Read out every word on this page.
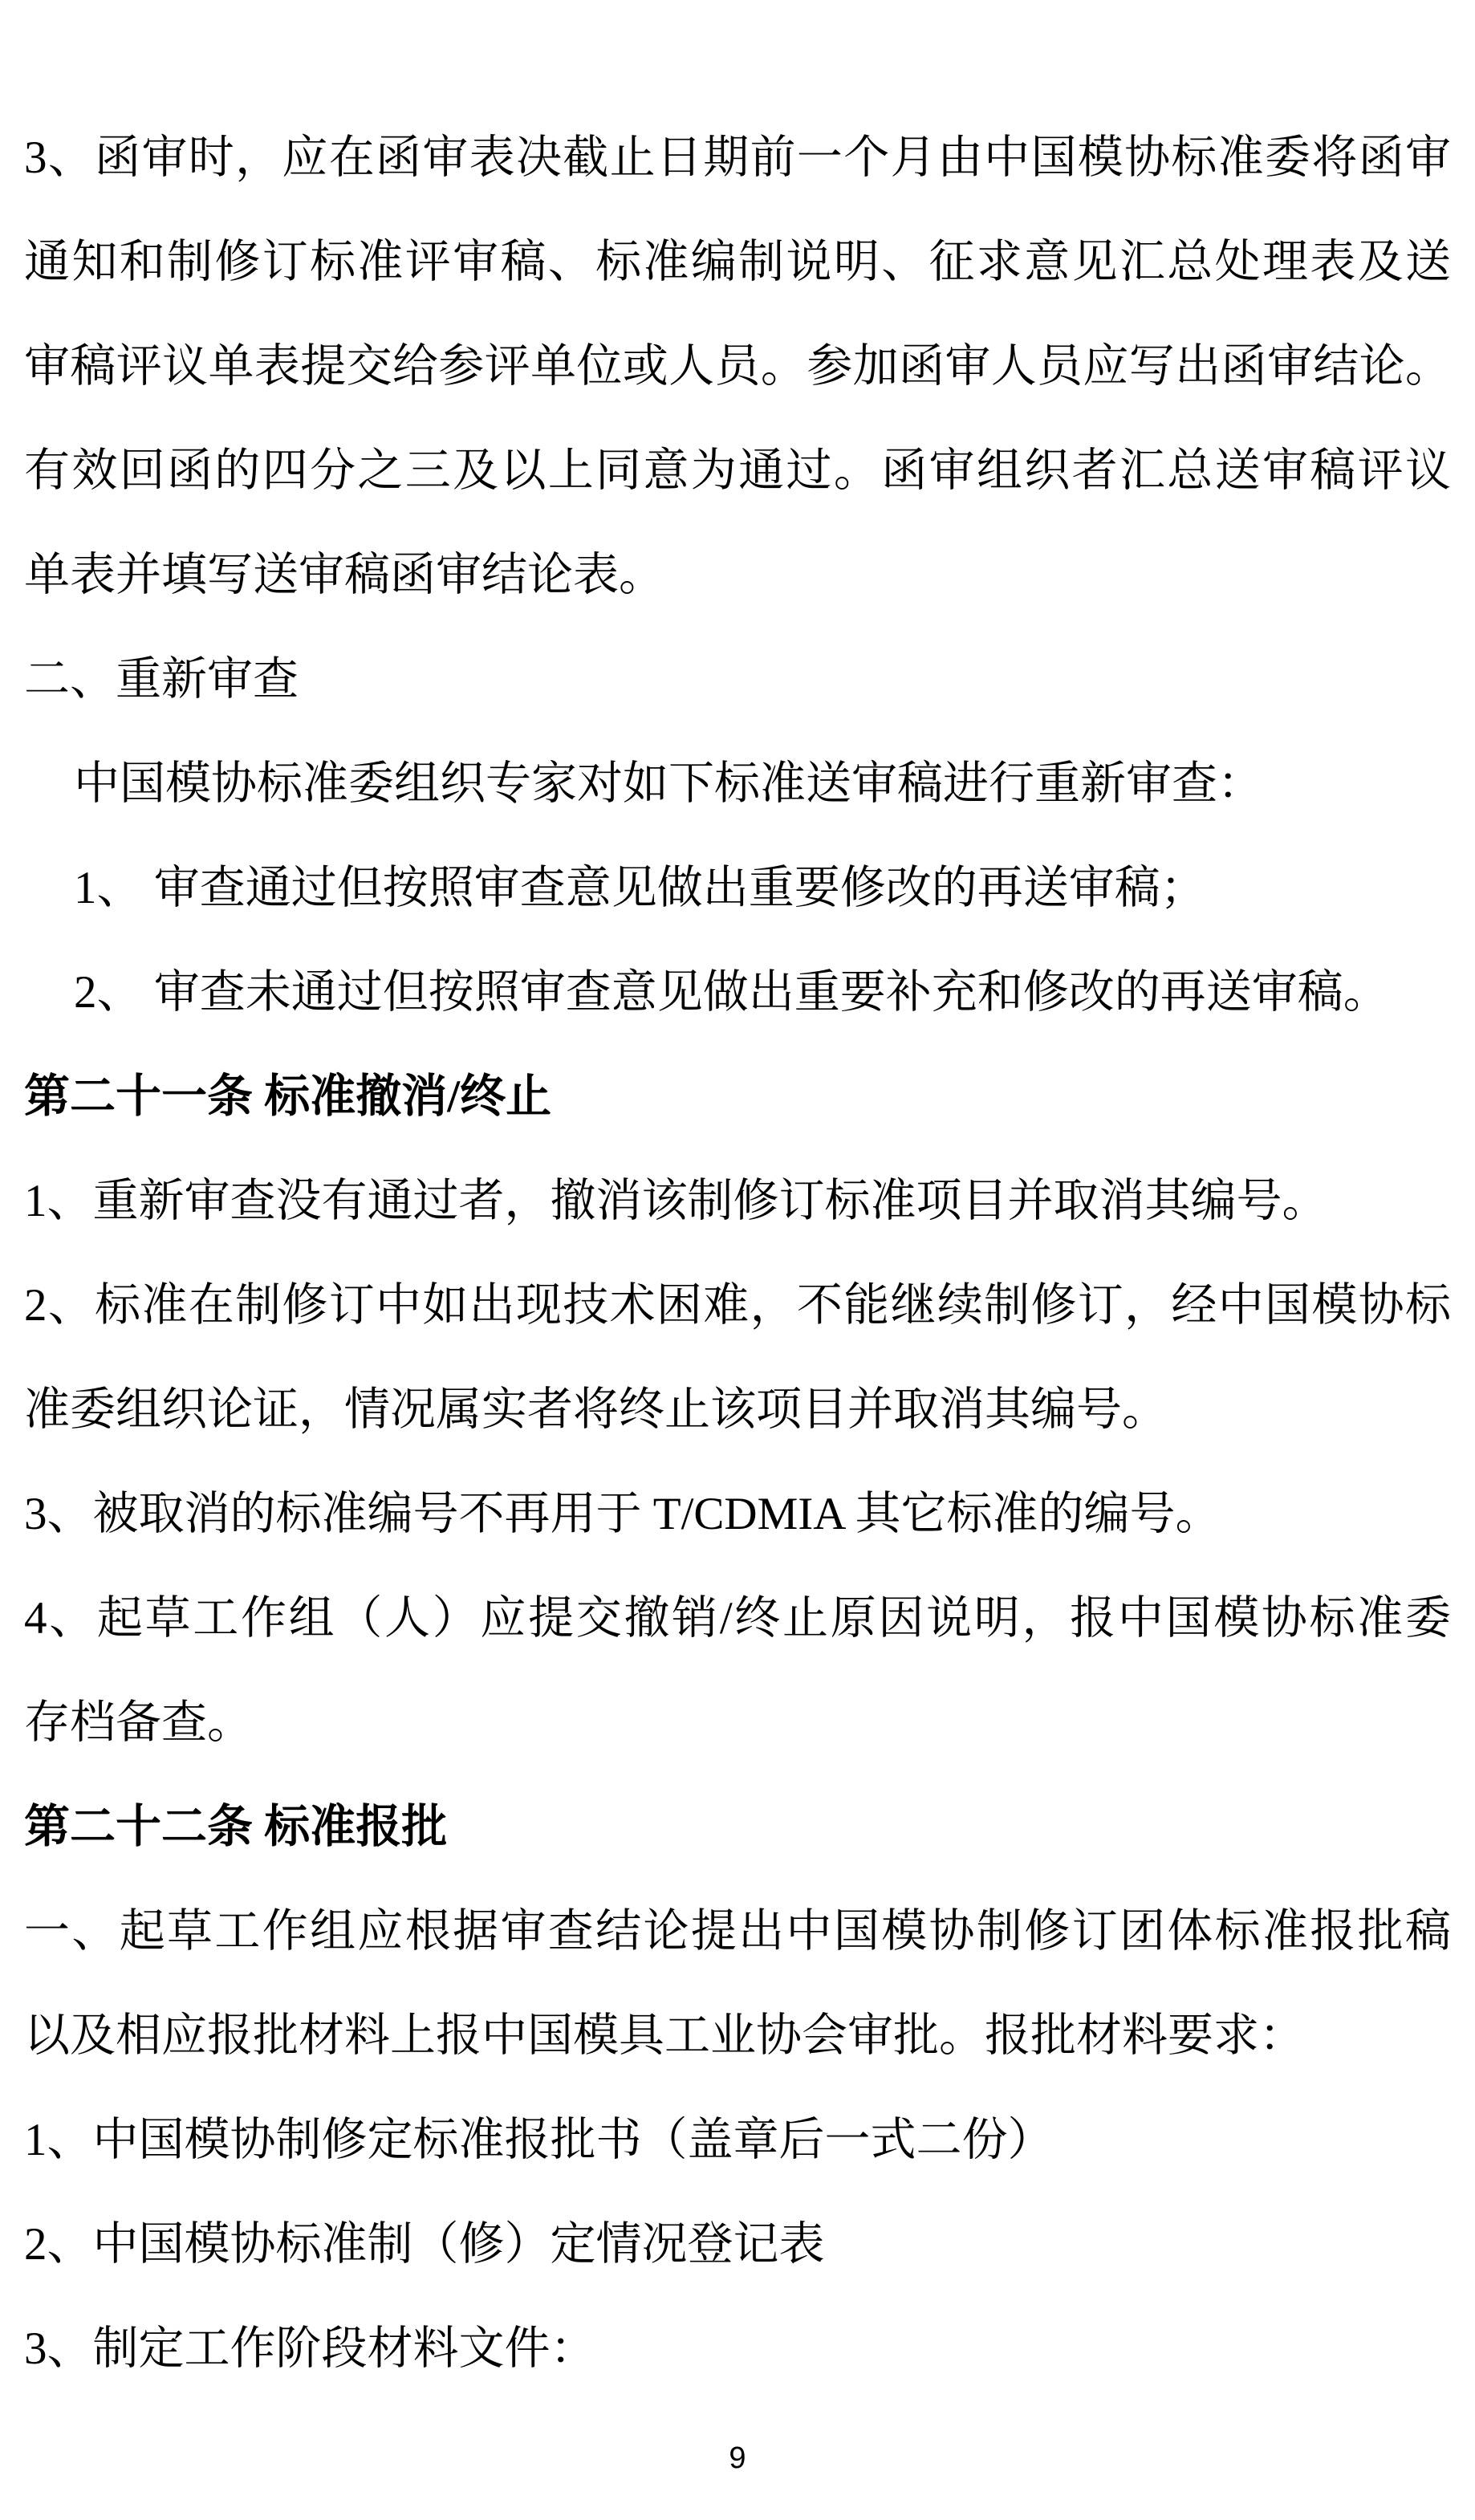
3、函审时，应在函审表决截止日期前一个月由中国模协标准委将函审
通知和制修订标准评审稿、标准编制说明、征求意见汇总处理表及送
审稿评议单表提交给参评单位或人员。参加函审人员应写出函审结论。
有效回函的四分之三及以上同意为通过。函审组织者汇总送审稿评议
单表并填写送审稿函审结论表。
二、重新审查
中国模协标准委组织专家对如下标准送审稿进行重新审查：
1、 审查通过但按照审查意见做出重要修改的再送审稿；
2、 审查未通过但按照审查意见做出重要补充和修改的再送审稿。
第二十一条 标准撤消/终止
1、重新审查没有通过者，撤消该制修订标准项目并取消其编号。
2、标准在制修订中如出现技术困难，不能继续制修订，经中国模协标
准委组织论证，情况属实者将终止该项目并取消其编号。
3、被取消的标准编号不再用于 T/CDMIA 其它标准的编号。
4、起草工作组（人）应提交撤销/终止原因说明，报中国模协标准委
存档备查。
第二十二条 标准报批
一、起草工作组应根据审查结论提出中国模协制修订团体标准报批稿
以及相应报批材料上报中国模具工业协会审批。报批材料要求：
1、中国模协制修定标准报批书（盖章后一式二份）
2、中国模协标准制（修）定情况登记表
3、制定工作阶段材料文件：
9
